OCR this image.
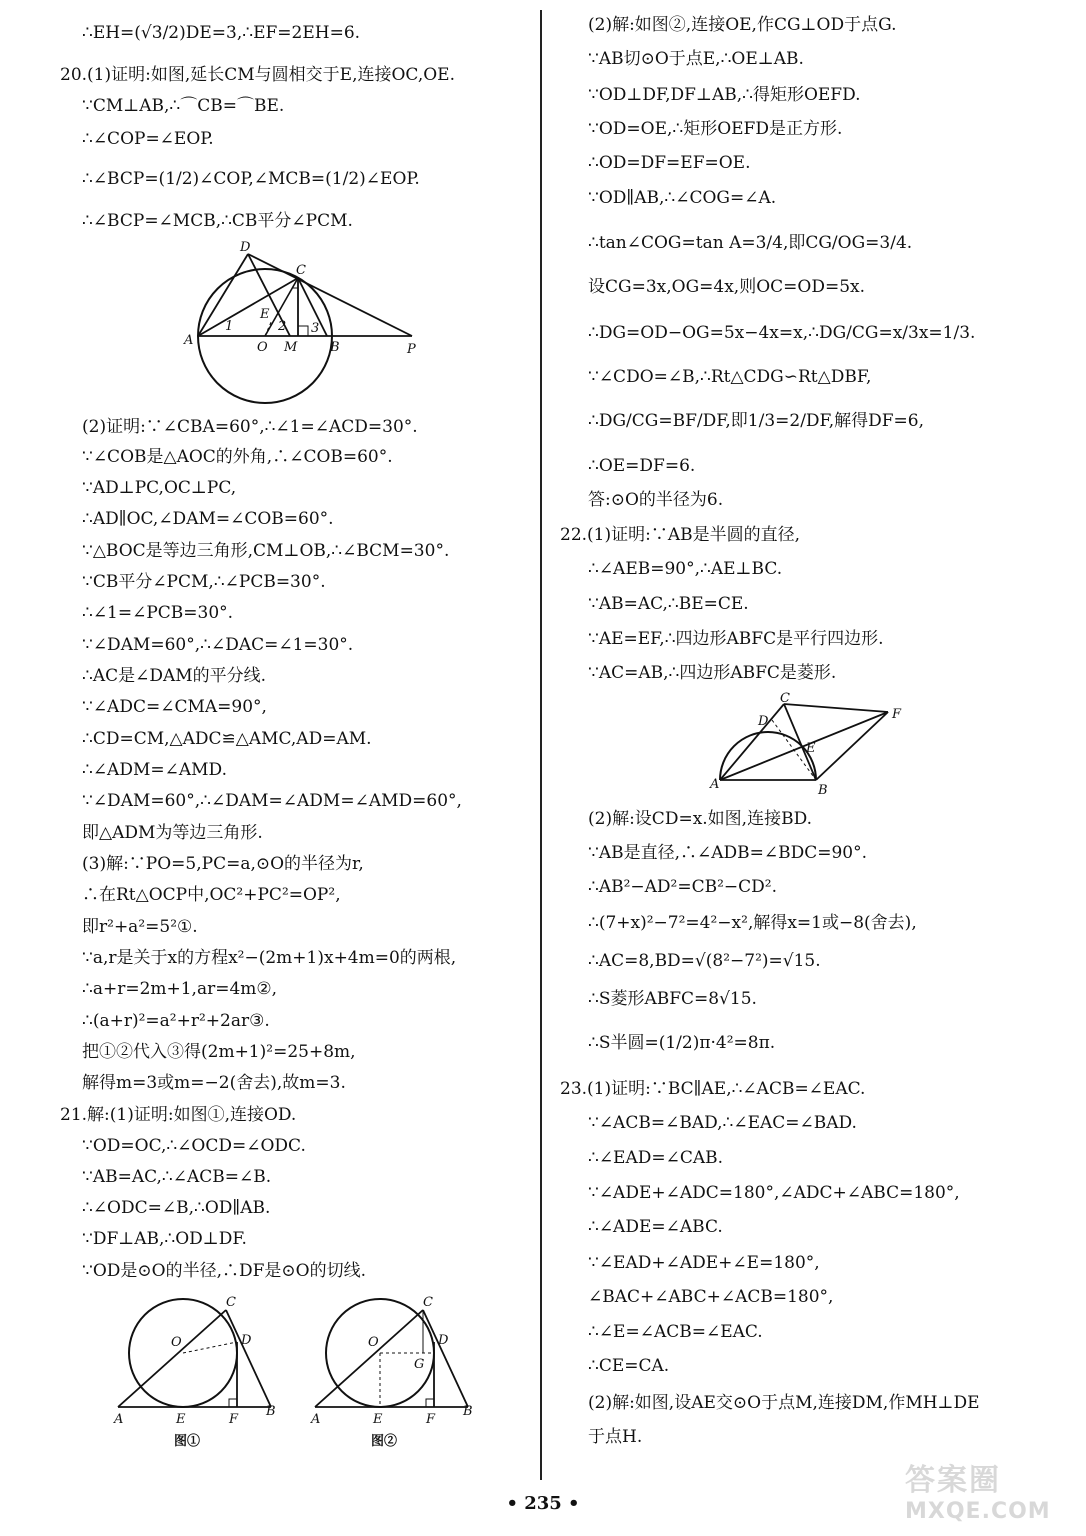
∴EH=(√3/2)DE=3,∴EF=2EH=6.
20.(1)证明:如图,延长CM与圆相交于E,连接OC,OE.
∵CM⊥AB,∴⌒CB=⌒BE.
∴∠COP=∠EOP.
∴∠BCP=(1/2)∠COP,∠MCB=(1/2)∠EOP.
∴∠BCP=∠MCB,∴CB平分∠PCM.
(2)证明:∵∠CBA=60°,∴∠1=∠ACD=30°.
∵∠COB是△AOC的外角,∴∠COB=60°.
∵AD⊥PC,OC⊥PC,
∴AD∥OC,∠DAM=∠COB=60°.
∵△BOC是等边三角形,CM⊥OB,∴∠BCM=30°.
∵CB平分∠PCM,∴∠PCB=30°.
∴∠1=∠PCB=30°.
∵∠DAM=60°,∴∠DAC=∠1=30°.
∴AC是∠DAM的平分线.
∵∠ADC=∠CMA=90°,
∴CD=CM,△ADC≌△AMC,AD=AM.
∴∠ADM=∠AMD.
∵∠DAM=60°,∴∠DAM=∠ADM=∠AMD=60°,
即△ADM为等边三角形.
(3)解:∵PO=5,PC=a,⊙O的半径为r,
∴在Rt△OCP中,OC²+PC²=OP²,
即r²+a²=5²①.
∵a,r是关于x的方程x²−(2m+1)x+4m=0的两根,
∴a+r=2m+1,ar=4m②,
∴(a+r)²=a²+r²+2ar③.
把①②代入③得(2m+1)²=25+8m,
解得m=3或m=−2(舍去),故m=3.
21.解:(1)证明:如图①,连接OD.
∵OD=OC,∴∠OCD=∠ODC.
∵AB=AC,∴∠ACB=∠B.
∴∠ODC=∠B,∴OD∥AB.
∵DF⊥AB,∴OD⊥DF.
∵OD是⊙O的半径,∴DF是⊙O的切线.
D
C
A	O M	B	P
E
1	2 3
C
O	D
A	E	F
B
图①
C
O	D
G
A	E	F
B
图②
(2)解:如图②,连接OE,作CG⊥OD于点G.
∵AB切⊙O于点E,∴OE⊥AB.
∵OD⊥DF,DF⊥AB,∴得矩形OEFD.
∵OD=OE,∴矩形OEFD是正方形.
∴OD=DF=EF=OE.
∵OD∥AB,∴∠COG=∠A.
∴tan∠COG=tan A=3/4,即CG/OG=3/4.
设CG=3x,OG=4x,则OC=OD=5x.
∴DG=OD−OG=5x−4x=x,∴DG/CG=x/3x=1/3.
∵∠CDO=∠B,∴Rt△CDG∽Rt△DBF,
∴DG/CG=BF/DF,即1/3=2/DF,解得DF=6,
∴OE=DF=6.
答:⊙O的半径为6.
22.(1)证明:∵AB是半圆的直径,
∴∠AEB=90°,∴AE⊥BC.
∵AB=AC,∴BE=CE.
∵AE=EF,∴四边形ABFC是平行四边形.
∵AC=AB,∴四边形ABFC是菱形.
(2)解:设CD=x.如图,连接BD.
∵AB是直径,∴∠ADB=∠BDC=90°.
∴AB²−AD²=CB²−CD².
∴(7+x)²−7²=4²−x²,解得x=1或−8(舍去),
∴AC=8,BD=√(8²−7²)=√15.
∴S菱形ABFC=8√15.
∴S半圆=(1/2)π·4²=8π.
23.(1)证明:∵BC∥AE,∴∠ACB=∠EAC.
∵∠ACB=∠BAD,∴∠EAC=∠BAD.
∴∠EAD=∠CAB.
∵∠ADE+∠ADC=180°,∠ADC+∠ABC=180°,
∴∠ADE=∠ABC.
∵∠EAD+∠ADE+∠E=180°,
∠BAC+∠ABC+∠ACB=180°,
∴∠E=∠ACB=∠EAC.
∴CE=CA.
(2)解:如图,设AE交⊙O于点M,连接DM,作MH⊥DE
于点H.
A	B
C
D
E
F
• 235 •
答案圈
MXQE.COM
